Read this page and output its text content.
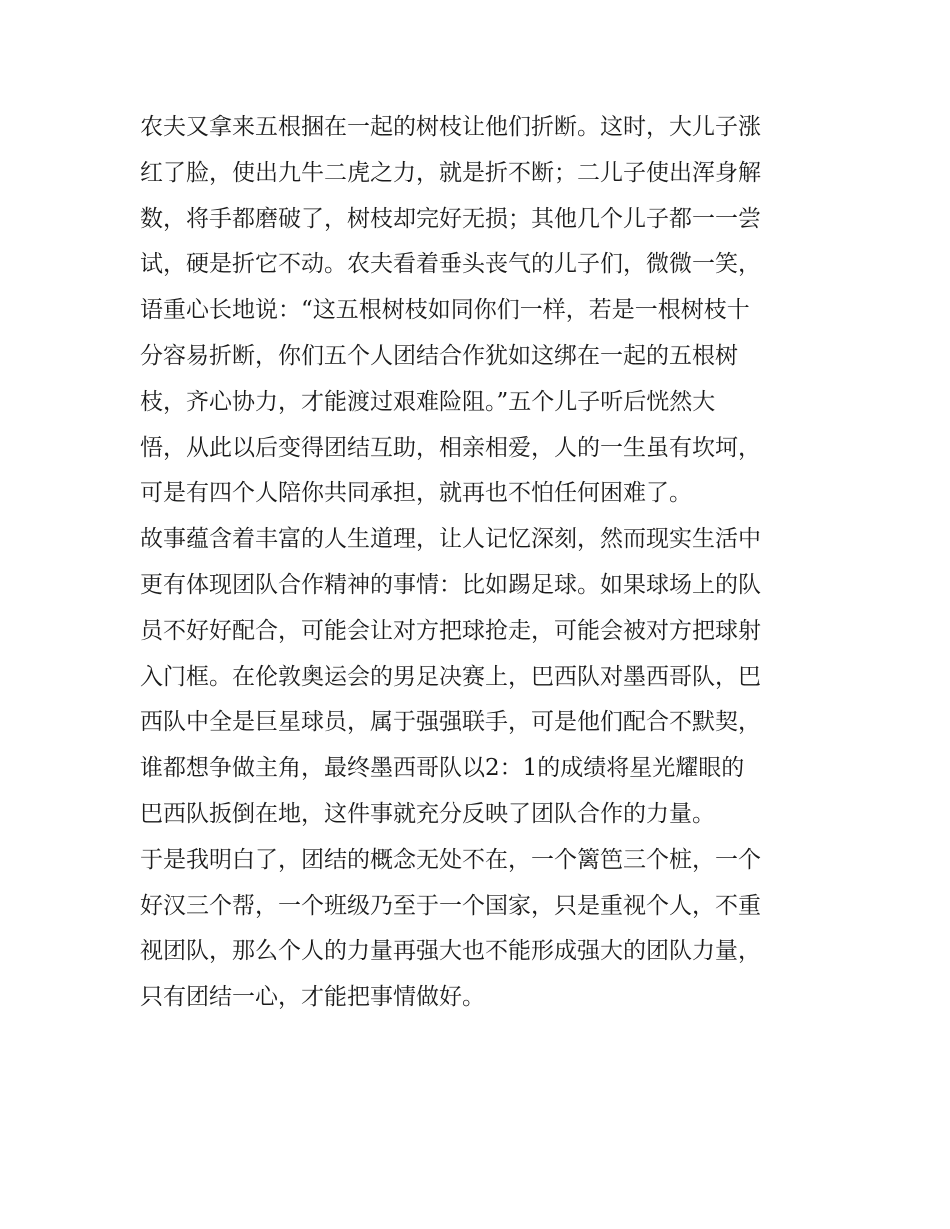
农夫又拿来五根捆在一起的树枝让他们折断。这时，大儿子涨
红了脸，使出九牛二虎之力，就是折不断；二儿子使出浑身解
数，将手都磨破了，树枝却完好无损；其他几个儿子都一一尝
试，硬是折它不动。农夫看着垂头丧气的儿子们，微微一笑，
语重心长地说：“这五根树枝如同你们一样，若是一根树枝十
分容易折断，你们五个人团结合作犹如这绑在一起的五根树
枝，齐心协力，才能渡过艰难险阻。”五个儿子听后恍然大
悟，从此以后变得团结互助，相亲相爱，人的一生虽有坎坷，
可是有四个人陪你共同承担，就再也不怕任何困难了。
故事蕴含着丰富的人生道理，让人记忆深刻，然而现实生活中
更有体现团队合作精神的事情：比如踢足球。如果球场上的队
员不好好配合，可能会让对方把球抢走，可能会被对方把球射
入门框。在伦敦奥运会的男足决赛上，巴西队对墨西哥队，巴
西队中全是巨星球员，属于强强联手，可是他们配合不默契，
谁都想争做主角，最终墨西哥队以2：1的成绩将星光耀眼的
巴西队扳倒在地，这件事就充分反映了团队合作的力量。
于是我明白了，团结的概念无处不在，一个篱笆三个桩，一个
好汉三个帮，一个班级乃至于一个国家，只是重视个人，不重
视团队，那么个人的力量再强大也不能形成强大的团队力量，
只有团结一心，才能把事情做好。
